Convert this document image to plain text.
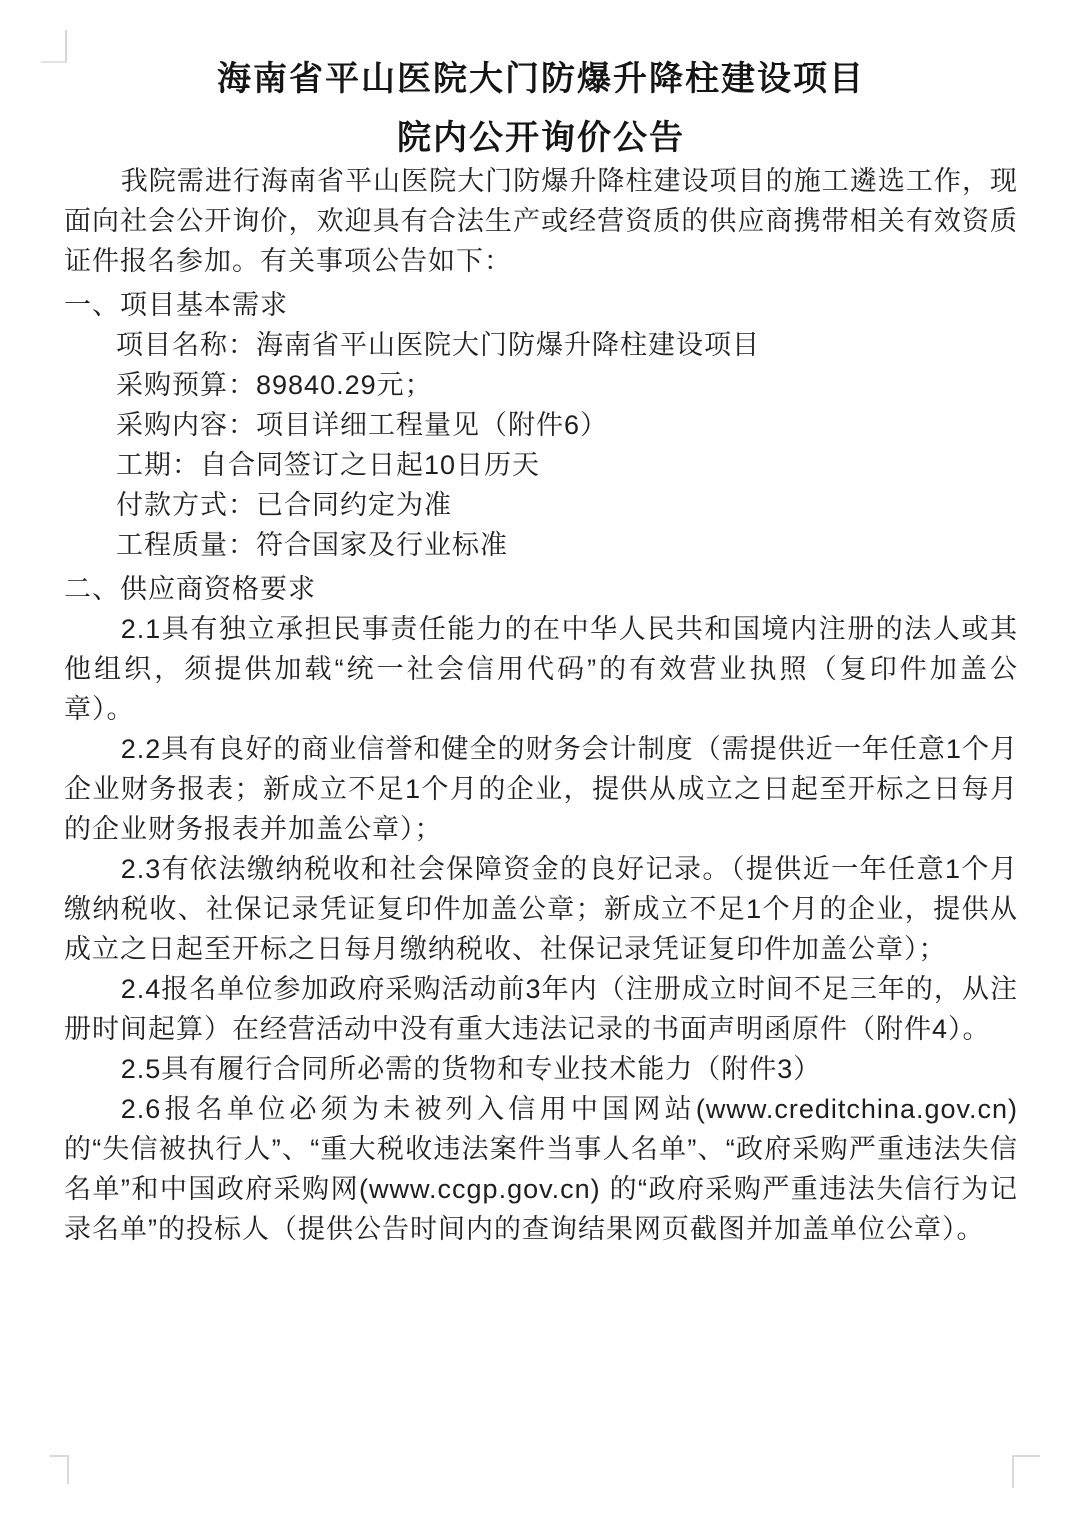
海南省平山医院大门防爆升降柱建设项目
院内公开询价公告

我院需进行海南省平山医院大门防爆升降柱建设项目的施工遴选工作，现面向社会公开询价，欢迎具有合法生产或经营资质的供应商携带相关有效资质证件报名参加。有关事项公告如下：

一、项目基本需求
项目名称：海南省平山医院大门防爆升降柱建设项目
采购预算：89840.29元；
采购内容：项目详细工程量见（附件6）
工期：自合同签订之日起10日历天
付款方式：已合同约定为准
工程质量：符合国家及行业标准
二、供应商资格要求

2.1具有独立承担民事责任能力的在中华人民共和国境内注册的法人或其他组织，须提供加载“统一社会信用代码”的有效营业执照（复印件加盖公章）。

2.2具有良好的商业信誉和健全的财务会计制度（需提供近一年任意1个月企业财务报表；新成立不足1个月的企业，提供从成立之日起至开标之日每月的企业财务报表并加盖公章）；

2.3有依法缴纳税收和社会保障资金的良好记录。（提供近一年任意1个月缴纳税收、社保记录凭证复印件加盖公章；新成立不足1个月的企业，提供从成立之日起至开标之日每月缴纳税收、社保记录凭证复印件加盖公章）；

2.4报名单位参加政府采购活动前3年内（注册成立时间不足三年的，从注册时间起算）在经营活动中没有重大违法记录的书面声明函原件（附件4）。

2.5具有履行合同所必需的货物和专业技术能力（附件3）

2.6报名单位必须为未被列入信用中国网站(www.creditchina.gov.cn)的“失信被执行人”、“重大税收违法案件当事人名单”、“政府采购严重违法失信名单”和中国政府采购网(www.ccgp.gov.cn) 的“政府采购严重违法失信行为记录名单”的投标人（提供公告时间内的查询结果网页截图并加盖单位公章）。
